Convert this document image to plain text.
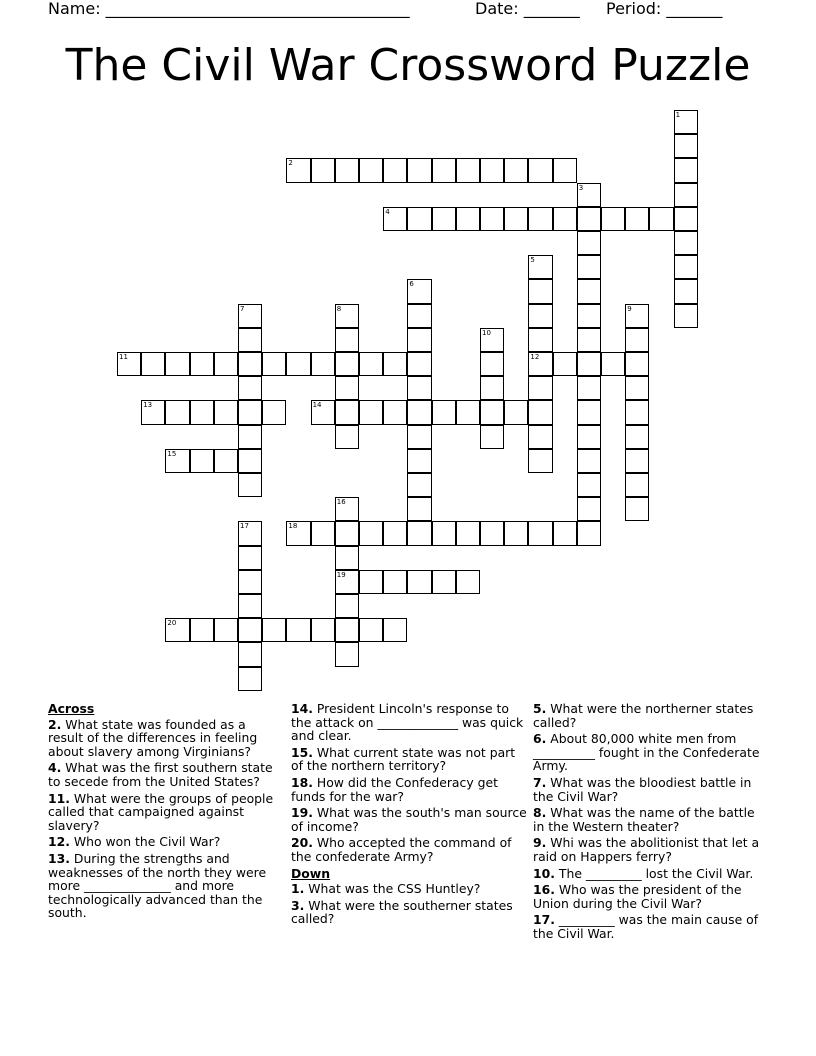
Name: ______________________________________	Date: _______ Period: _______
The Civil War Crossword Puzzle
1
2
3
4
5
12
6
7	8	9
10
11
13	14
15
16
19
17	18
20
Across
2. What state was founded as a result of the differences in feeling about slavery among Virginians?
4. What was the first southern state to secede from the United States?
11. What were the groups of people called that campaigned against slavery?
12. Who won the Civil War?
13. During the strengths and weaknesses of the north they were more ______________ and more technologically advanced than the south.
14. President Lincoln's response to the attack on _____________ was quick and clear.
15. What current state was not part of the northern territory?
18. How did the Confederacy get funds for the war?
19. What was the south's man source of income?
20. Who accepted the command of the confederate Army?
Down
1. What was the CSS Huntley?
3. What were the southerner states called?
5. What were the northerner states called?
6. About 80,000 white men from __________ fought in the Confederate Army.
7. What was the bloodiest battle in the Civil War?
8. What was the name of the battle in the Western theater?
9. Whi was the abolitionist that let a raid on Happers ferry?
10. The _________ lost the Civil War.
16. Who was the president of the Union during the Civil War?
17. _________ was the main cause of the Civil War.
